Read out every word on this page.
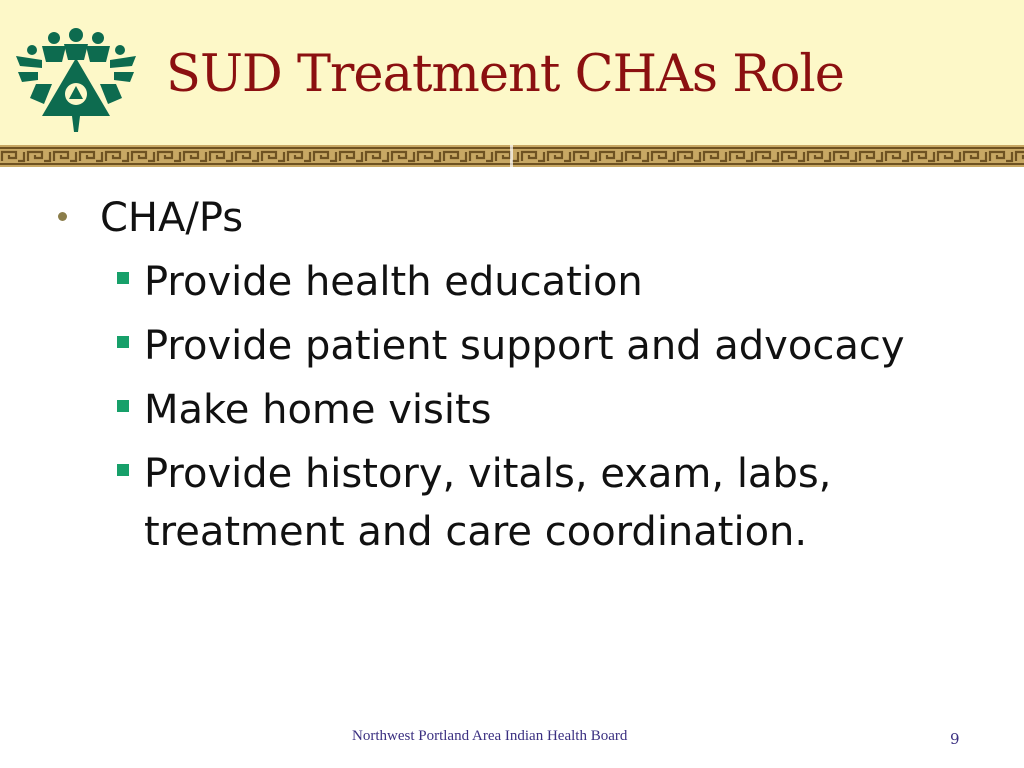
SUD Treatment CHAs Role
CHA/Ps
Provide health education
Provide patient support and advocacy
Make home visits
Provide history, vitals, exam, labs, treatment and care coordination.
Northwest Portland Area Indian Health Board	9
